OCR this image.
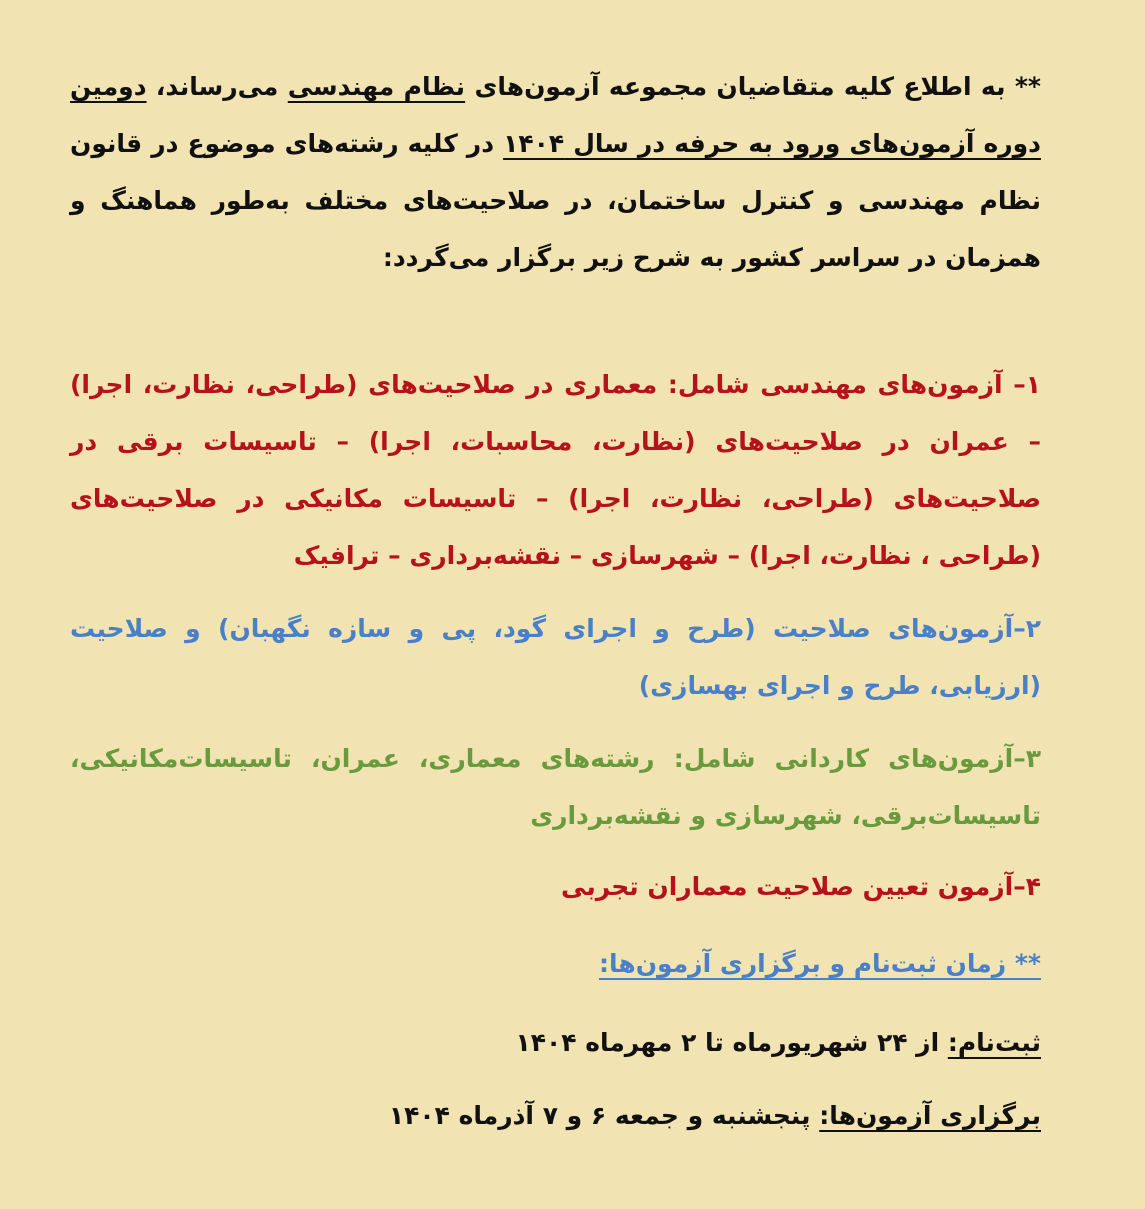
** به اطلاع کلیه متقاضیان مجموعه آزمون‌های نظام مهندسی می‌رساند، دومین دوره آزمون‌های ورود به حرفه در سال ۱۴۰۴ در کلیه رشته‌های موضوع در قانون نظام مهندسی و کنترل ساختمان، در صلاحیت‌های مختلف به‌طور هماهنگ و همزمان در سراسر کشور به شرح زیر برگزار می‌گردد:

۱– آزمون‌های مهندسی شامل: معماری در صلاحیت‌های (طراحی، نظارت، اجرا) – عمران در صلاحیت‌های (نظارت، محاسبات، اجرا) – تاسیسات برقی در صلاحیت‌های (طراحی، نظارت، اجرا) – تاسیسات مکانیکی در صلاحیت‌های (طراحی ، نظارت، اجرا) – شهرسازی – نقشه‌برداری – ترافیک

۲–آزمون‌های صلاحیت (طرح و اجرای گود، پی و سازه نگهبان) و صلاحیت (ارزیابی، طرح و اجرای بهسازی)

۳–آزمون‌های کاردانی شامل: رشته‌های معماری، عمران، تاسیسات‌مکانیکی، تاسیسات‌برقی، شهرسازی و نقشه‌برداری

۴–آزمون تعیین صلاحیت معماران تجربی

** زمان ثبت‌نام و برگزاری آزمون‌ها:

ثبت‌نام: از ۲۴ شهریورماه تا ۲ مهرماه ۱۴۰۴

برگزاری آزمون‌ها: پنجشنبه و جمعه ۶ و ۷ آذرماه ۱۴۰۴
